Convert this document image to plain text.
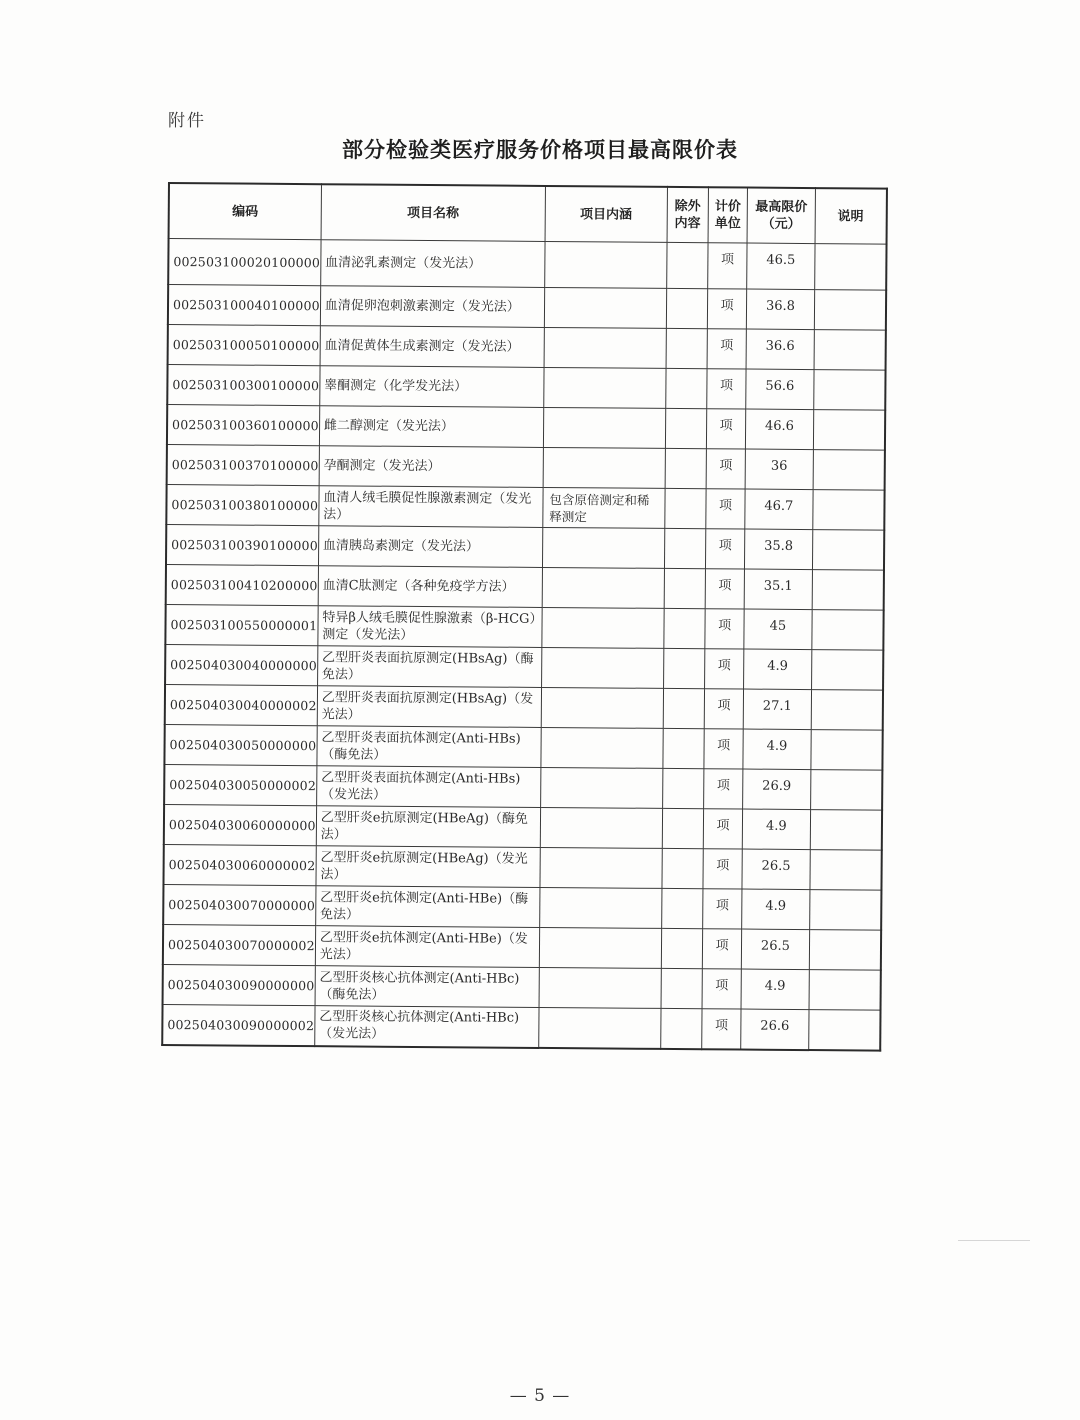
附件
部分检验类医疗服务价格项目最高限价表
编码	项目名称	项目内涵	除外内容	计价单位	最高限价（元）	说明
002503100020100000	血清泌乳素测定（发光法）			项	46.5	
002503100040100000	血清促卵泡刺激素测定（发光法）			项	36.8	
002503100050100000	血清促黄体生成素测定（发光法）			项	36.6	
002503100300100000	睾酮测定（化学发光法）			项	56.6	
002503100360100000	雌二醇测定（发光法）			项	46.6	
002503100370100000	孕酮测定（发光法）			项	36	
002503100380100000	血清人绒毛膜促性腺激素测定（发光法）	包含原倍测定和稀释测定		项	46.7	
002503100390100000	血清胰岛素测定（发光法）			项	35.8	
002503100410200000	血清C肽测定（各种免疫学方法）			项	35.1	
002503100550000001	特异β人绒毛膜促性腺激素（β-HCG）测定（发光法）			项	45	
002504030040000000	乙型肝炎表面抗原测定(HBsAg)（酶免法）			项	4.9	
002504030040000002	乙型肝炎表面抗原测定(HBsAg)（发光法）			项	27.1	
002504030050000000	乙型肝炎表面抗体测定(Anti-HBs)（酶免法）			项	4.9	
002504030050000002	乙型肝炎表面抗体测定(Anti-HBs)（发光法）			项	26.9	
002504030060000000	乙型肝炎e抗原测定(HBeAg)（酶免法）			项	4.9	
002504030060000002	乙型肝炎e抗原测定(HBeAg)（发光法）			项	26.5	
002504030070000000	乙型肝炎e抗体测定(Anti-HBe)（酶免法）			项	4.9	
002504030070000002	乙型肝炎e抗体测定(Anti-HBe)（发光法）			项	26.5	
002504030090000000	乙型肝炎核心抗体测定(Anti-HBc)（酶免法）			项	4.9	
002504030090000002	乙型肝炎核心抗体测定(Anti-HBc)（发光法）			项	26.6	
— 5 —
